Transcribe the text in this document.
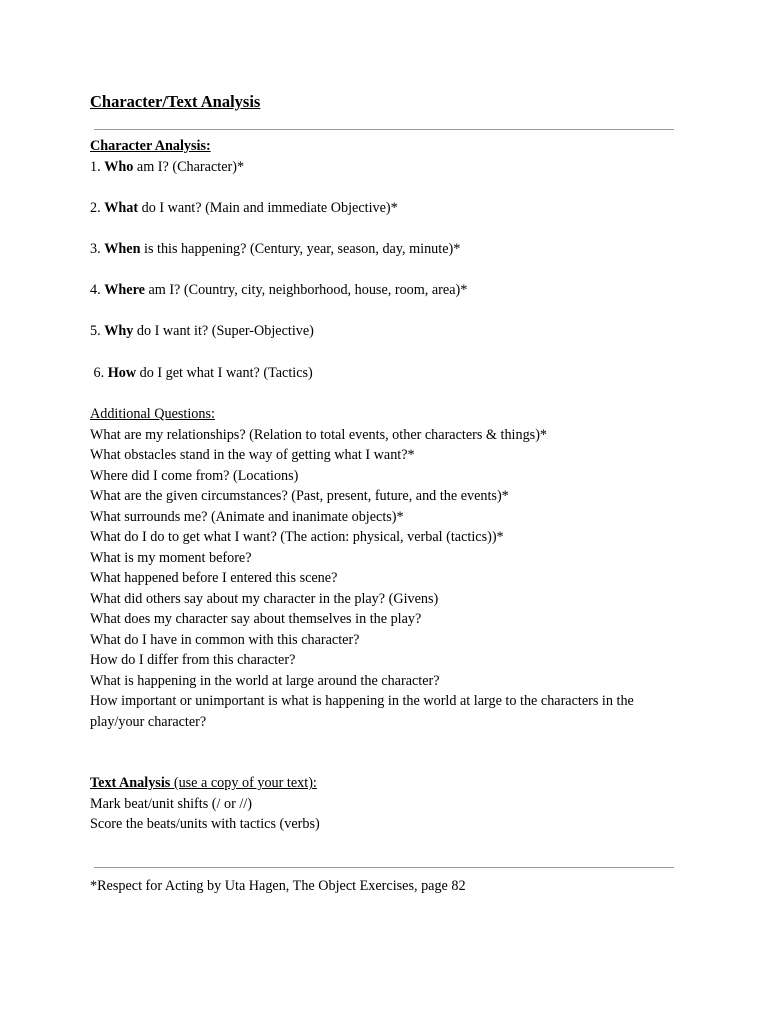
Character/Text Analysis
Character Analysis:
1. Who am I? (Character)*
2. What do I want? (Main and immediate Objective)*
3. When is this happening? (Century, year, season, day, minute)*
4. Where am I? (Country, city, neighborhood, house, room, area)*
5. Why do I want it? (Super-Objective)
6. How do I get what I want? (Tactics)
Additional Questions:
What are my relationships? (Relation to total events, other characters & things)*
What obstacles stand in the way of getting what I want?*
Where did I come from? (Locations)
What are the given circumstances? (Past, present, future, and the events)*
What surrounds me? (Animate and inanimate objects)*
What do I do to get what I want? (The action: physical, verbal (tactics))*
What is my moment before?
What happened before I entered this scene?
What did others say about my character in the play? (Givens)
What does my character say about themselves in the play?
What do I have in common with this character?
How do I differ from this character?
What is happening in the world at large around the character?
How important or unimportant is what is happening in the world at large to the characters in the play/your character?
Text Analysis (use a copy of your text):
Mark beat/unit shifts (/ or //)
Score the beats/units with tactics (verbs)
*Respect for Acting by Uta Hagen, The Object Exercises, page 82
